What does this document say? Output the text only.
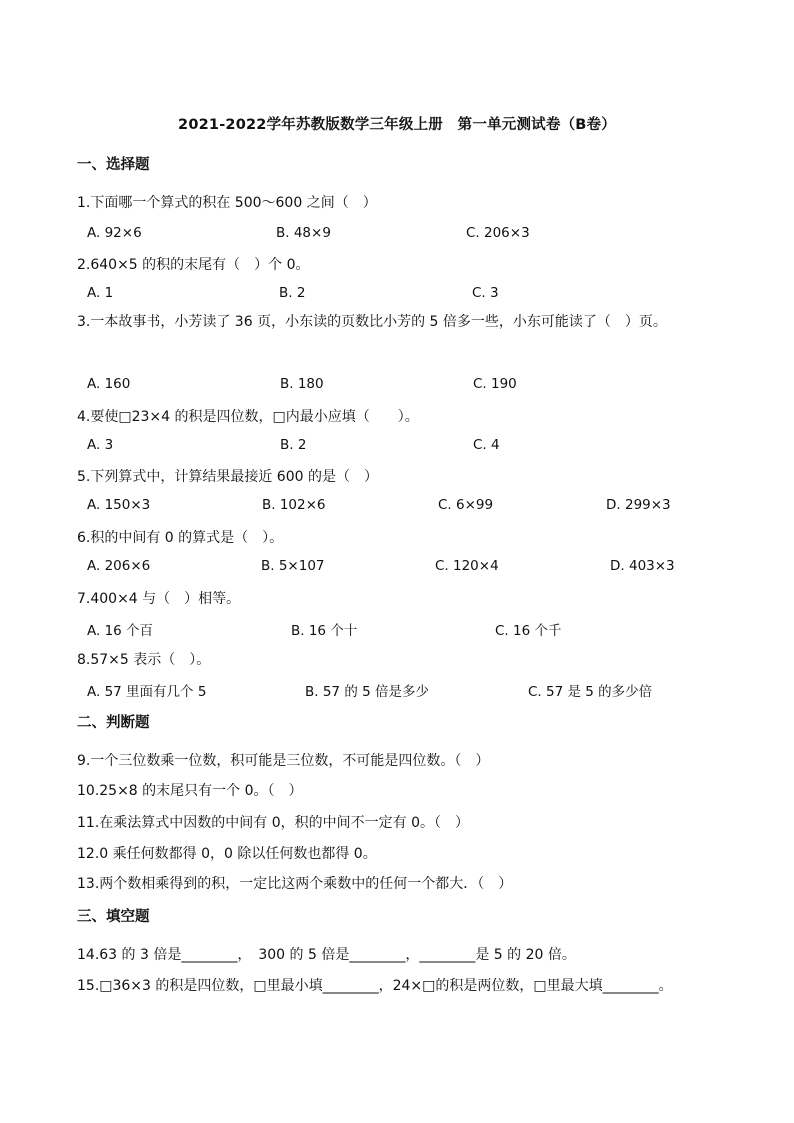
2021-2022学年苏教版数学三年级上册　第一单元测试卷（B卷）
一、选择题
1.下面哪一个算式的积在 500～600 之间（　）
A. 92×6	B. 48×9	C. 206×3
2.640×5 的积的末尾有（　）个 0。
A. 1	B. 2	C. 3
3.一本故事书，小芳读了 36 页，小东读的页数比小芳的 5 倍多一些，小东可能读了（　）页。
A. 160	B. 180	C. 190
4.要使□23×4 的积是四位数，□内最小应填（　　）。
A. 3	B. 2	C. 4
5.下列算式中，计算结果最接近 600 的是（　）
A. 150×3	B. 102×6	C. 6×99	D. 299×3
6.积的中间有 0 的算式是（　）。
A. 206×6	B. 5×107	C. 120×4	D. 403×3
7.400×4 与（　）相等。
A. 16 个百	B. 16 个十	C. 16 个千
8.57×5 表示（　）。
A. 57 里面有几个 5	B. 57 的 5 倍是多少	C. 57 是 5 的多少倍
二、判断题
9.一个三位数乘一位数，积可能是三位数，不可能是四位数。（　）
10.25×8 的末尾只有一个 0。（　）
11.在乘法算式中因数的中间有 0，积的中间不一定有 0。（　）
12.0 乘任何数都得 0，0 除以任何数也都得 0。
13.两个数相乘得到的积，一定比这两个乘数中的任何一个都大．（　）
三、填空题
14.63 的 3 倍是________，　300 的 5 倍是________，________是 5 的 20 倍。
15.□36×3 的积是四位数，□里最小填________，24×□的积是两位数，□里最大填________。
